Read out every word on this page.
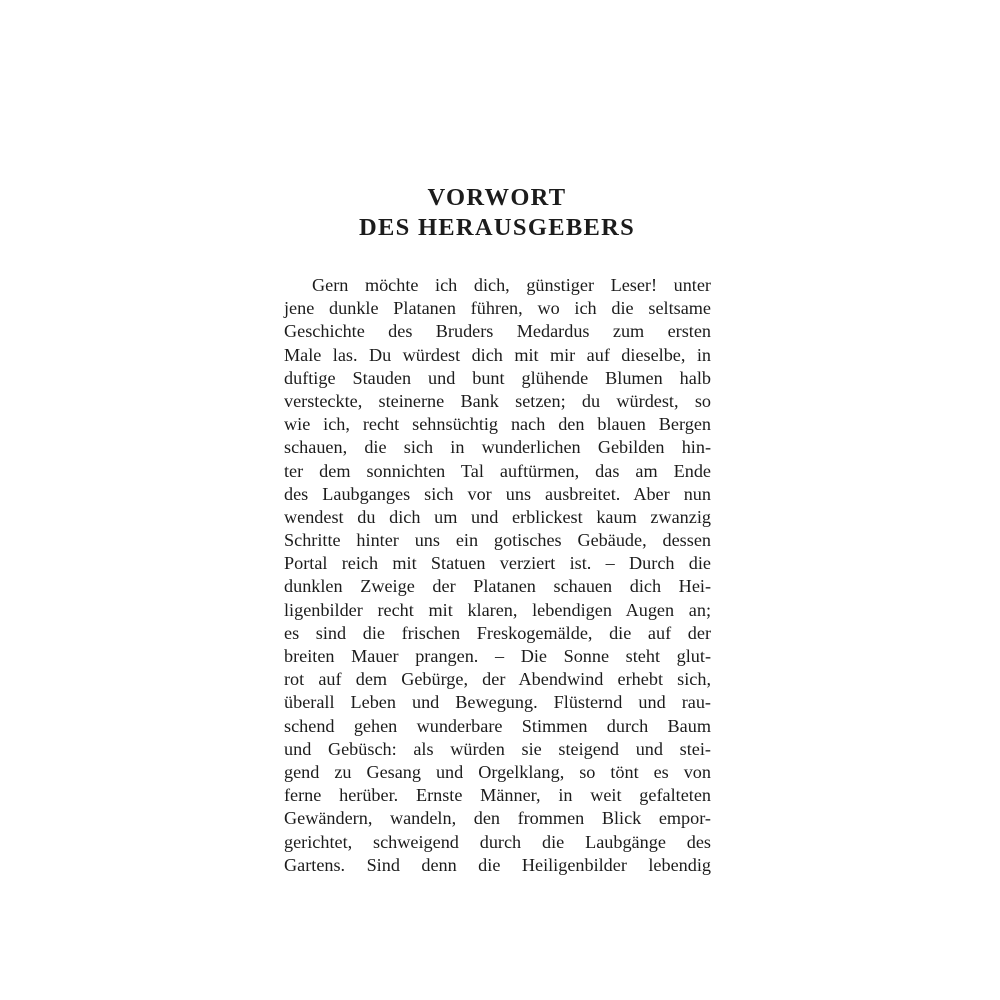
VORWORT
DES HERAUSGEBERS
Gern möchte ich dich, günstiger Leser! unter
jene dunkle Platanen führen, wo ich die seltsame
Geschichte des Bruders Medardus zum ersten
Male las. Du würdest dich mit mir auf dieselbe, in
duftige Stauden und bunt glühende Blumen halb
versteckte, steinerne Bank setzen; du würdest, so
wie ich, recht sehnsüchtig nach den blauen Bergen
schauen, die sich in wunderlichen Gebilden hin-
ter dem sonnichten Tal auftürmen, das am Ende
des Laubganges sich vor uns ausbreitet. Aber nun
wendest du dich um und erblickest kaum zwanzig
Schritte hinter uns ein gotisches Gebäude, dessen
Portal reich mit Statuen verziert ist. – Durch die
dunklen Zweige der Platanen schauen dich Hei-
ligenbilder recht mit klaren, lebendigen Augen an;
es sind die frischen Freskogemälde, die auf der
breiten Mauer prangen. – Die Sonne steht glut-
rot auf dem Gebürge, der Abendwind erhebt sich,
überall Leben und Bewegung. Flüsternd und rau-
schend gehen wunderbare Stimmen durch Baum
und Gebüsch: als würden sie steigend und stei-
gend zu Gesang und Orgelklang, so tönt es von
ferne herüber. Ernste Männer, in weit gefalteten
Gewändern, wandeln, den frommen Blick empor-
gerichtet, schweigend durch die Laubgänge des
Gartens. Sind denn die Heiligenbilder lebendig
